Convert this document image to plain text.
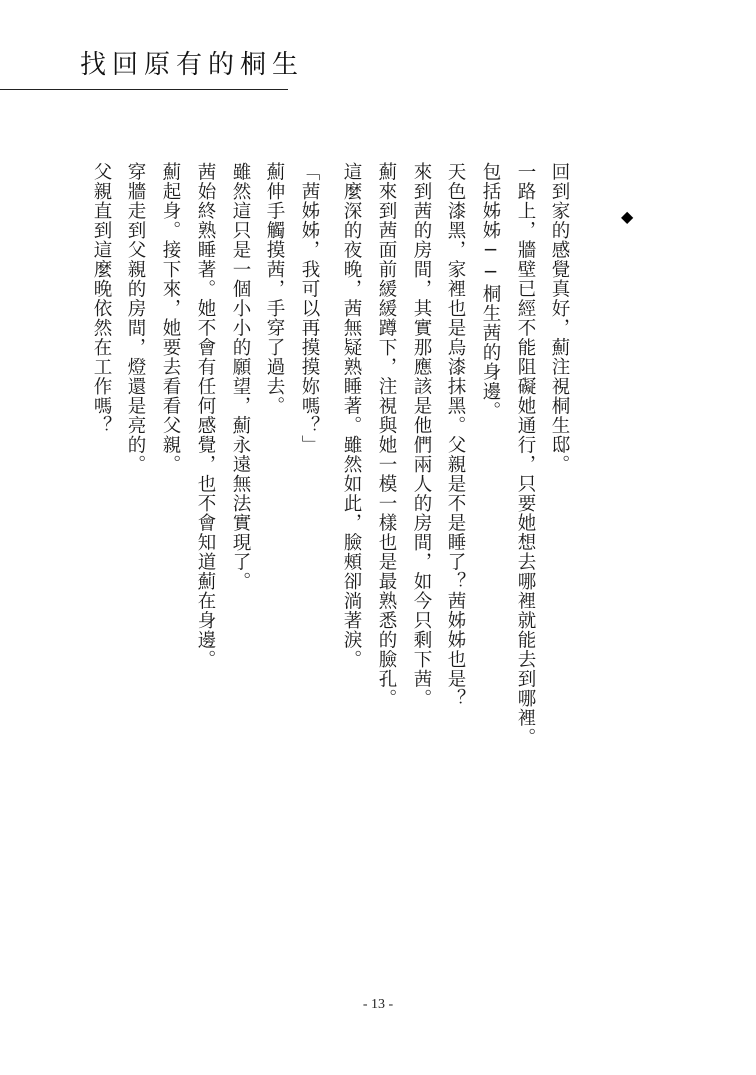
找回原有的桐生
◆
回到家的感覺真好，薊注視桐生邸。
一路上，牆壁已經不能阻礙她通行，只要她想去哪裡就能去到哪裡。
包括姊姊──桐生茜的身邊。
天色漆黑，家裡也是烏漆抹黑。父親是不是睡了？茜姊姊也是？
來到茜的房間，其實那應該是他們兩人的房間，如今只剩下茜。
薊來到茜面前緩緩蹲下，注視與她一模一樣也是最熟悉的臉孔。
這麼深的夜晚，茜無疑熟睡著。雖然如此，臉頰卻淌著淚。
「茜姊姊，我可以再摸摸妳嗎？」
薊伸手觸摸茜，手穿了過去。
雖然這只是一個小小的願望，薊永遠無法實現了。
茜始終熟睡著。她不會有任何感覺，也不會知道薊在身邊。
薊起身。接下來，她要去看看父親。
穿牆走到父親的房間，燈還是亮的。
父親直到這麼晚依然在工作嗎？
- 13 -
